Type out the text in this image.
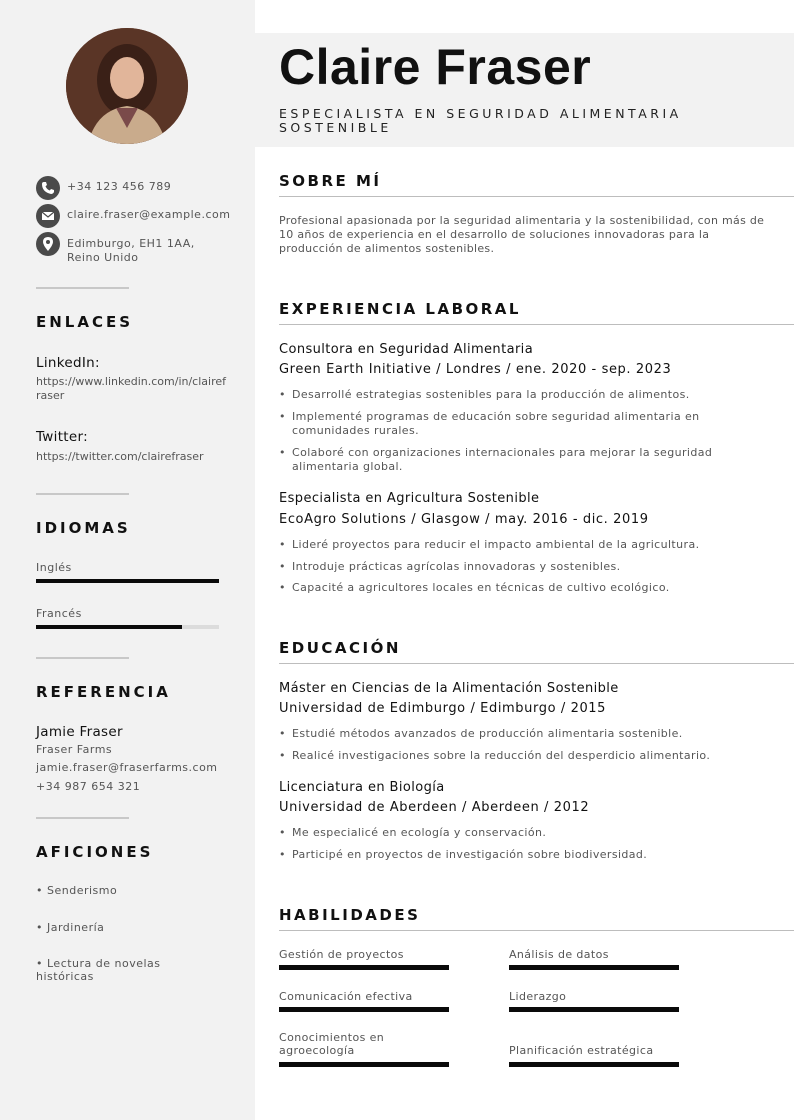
+34 123 456 789
claire.fraser@example.com
Edimburgo, EH1 1AA, Reino Unido
ENLACES
LinkedIn:
https://www.linkedin.com/in/clairefraser
Twitter:
https://twitter.com/clairefraser
IDIOMAS
Inglés
Francés
REFERENCIA
Jamie Fraser
Fraser Farms
jamie.fraser@fraserfarms.com
+34 987 654 321
AFICIONES
• Senderismo
• Jardinería
• Lectura de novelas históricas
Claire Fraser
ESPECIALISTA EN SEGURIDAD ALIMENTARIA SOSTENIBLE
SOBRE MÍ
Profesional apasionada por la seguridad alimentaria y la sostenibilidad, con más de 10 años de experiencia en el desarrollo de soluciones innovadoras para la producción de alimentos sostenibles.
EXPERIENCIA LABORAL
Consultora en Seguridad Alimentaria
Green Earth Initiative / Londres / ene. 2020 - sep. 2023
• Desarrollé estrategias sostenibles para la producción de alimentos.
• Implementé programas de educación sobre seguridad alimentaria en comunidades rurales.
• Colaboré con organizaciones internacionales para mejorar la seguridad alimentaria global.
Especialista en Agricultura Sostenible
EcoAgro Solutions / Glasgow / may. 2016 - dic. 2019
• Lideré proyectos para reducir el impacto ambiental de la agricultura.
• Introduje prácticas agrícolas innovadoras y sostenibles.
• Capacité a agricultores locales en técnicas de cultivo ecológico.
EDUCACIÓN
Máster en Ciencias de la Alimentación Sostenible
Universidad de Edimburgo / Edimburgo / 2015
• Estudié métodos avanzados de producción alimentaria sostenible.
• Realicé investigaciones sobre la reducción del desperdicio alimentario.
Licenciatura en Biología
Universidad de Aberdeen / Aberdeen / 2012
• Me especialicé en ecología y conservación.
• Participé en proyectos de investigación sobre biodiversidad.
HABILIDADES
Gestión de proyectos	Análisis de datos
Comunicación efectiva	Liderazgo
Conocimientos en agroecología	Planificación estratégica
